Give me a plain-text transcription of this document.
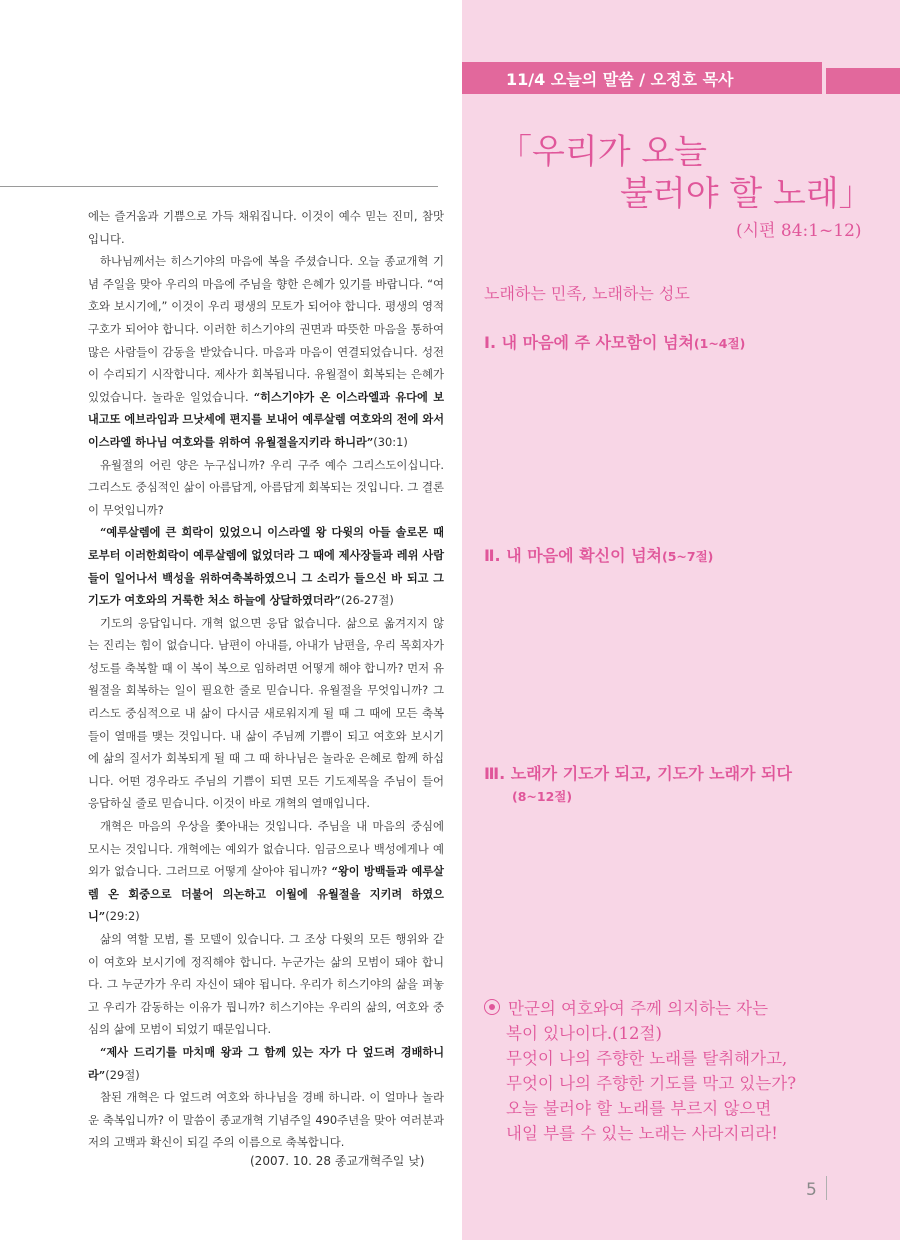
에는 즐거움과 기쁨으로 가득 채워집니다. 이것이 예수 믿는 진미, 참맛입니다.

하나님께서는 히스기야의 마음에 복을 주셨습니다. 오늘 종교개혁 기념 주일을 맞아 우리의 마음에 주님을 향한 은혜가 있기를 바랍니다. “여호와 보시기에,” 이것이 우리 평생의 모토가 되어야 합니다. 평생의 영적 구호가 되어야 합니다. 이러한 히스기야의 권면과 따뜻한 마음을 통하여 많은 사람들이 감동을 받았습니다. 마음과 마음이 연결되었습니다. 성전이 수리되기 시작합니다. 제사가 회복됩니다. 유월절이 회복되는 은혜가 있었습니다. 놀라운 일었습니다. “히스기야가 온 이스라엘과 유다에 보내고또 에브라임과 므낫세에 편지를 보내어 예루살렘 여호와의 전에 와서 이스라엘 하나님 여호와를 위하여 유월절을지키라 하니라”(30:1)

유월절의 어린 양은 누구십니까? 우리 구주 예수 그리스도이십니다. 그리스도 중심적인 삶이 아름답게, 아름답게 회복되는 것입니다. 그 결론이 무엇입니까?

“예루살렘에 큰 희락이 있었으니 이스라엘 왕 다윗의 아들 솔로몬 때로부터 이러한희락이 예루살렘에 없었더라 그 때에 제사장들과 레위 사람들이 일어나서 백성을 위하여축복하였으니 그 소리가 들으신 바 되고 그 기도가 여호와의 거룩한 처소 하늘에 상달하였더라”(26-27절)

기도의 응답입니다. 개혁 없으면 응답 없습니다. 삶으로 옮겨지지 않는 진리는 힘이 없습니다. 남편이 아내를, 아내가 남편을, 우리 목회자가 성도를 축복할 때 이 복이 복으로 임하려면 어떻게 해야 합니까? 먼저 유월절을 회복하는 일이 필요한 줄로 믿습니다. 유월절을 무엇입니까? 그리스도 중심적으로 내 삶이 다시금 새로워지게 될 때 그 때에 모든 축복들이 열매를 맺는 것입니다. 내 삶이 주님께 기쁨이 되고 여호와 보시기에 삶의 질서가 회복되게 될 때 그 때 하나님은 놀라운 은혜로 함께 하십니다. 어떤 경우라도 주님의 기쁨이 되면 모든 기도제목을 주님이 들어 응답하실 줄로 믿습니다. 이것이 바로 개혁의 열매입니다.

개혁은 마음의 우상을 쫓아내는 것입니다. 주님을 내 마음의 중심에 모시는 것입니다. 개혁에는 예외가 없습니다. 임금으로나 백성에게나 예외가 없습니다. 그러므로 어떻게 살아야 됩니까? “왕이 방백들과 예루살렘 온 회중으로 더불어 의논하고 이월에 유월절을 지키려 하였으니”(29:2)

삶의 역할 모범, 롤 모델이 있습니다. 그 조상 다윗의 모든 행위와 같이 여호와 보시기에 정직해야 합니다. 누군가는 삶의 모범이 돼야 합니다. 그 누군가가 우리 자신이 돼야 됩니다. 우리가 히스기야의 삶을 펴놓고 우리가 감동하는 이유가 뭡니까? 히스기야는 우리의 삶의, 여호와 중심의 삶에 모범이 되었기 때문입니다.

“제사 드리기를 마치매 왕과 그 함께 있는 자가 다 엎드려 경배하니라”(29절)

참된 개혁은 다 엎드려 여호와 하나님을 경배 하니라. 이 얼마나 놀라운 축복입니까? 이 말씀이 종교개혁 기념주일 490주년을 맞아 여러분과 저의 고백과 확신이 되길 주의 이름으로 축복합니다.

(2007. 10. 28 종교개혁주일 낮)
11/4 오늘의 말씀 / 오정호 목사
「우리가 오늘
불러야 할 노래」
(시편 84:1~12)
노래하는 민족, 노래하는 성도
Ⅰ. 내 마음에 주 사모함이 넘쳐(1~4절)
Ⅱ. 내 마음에 확신이 넘쳐(5~7절)
Ⅲ. 노래가 기도가 되고, 기도가 노래가 되다
(8~12절)
만군의 여호와여 주께 의지하는 자는
복이 있나이다.(12절)
무엇이 나의 주향한 노래를 탈취해가고,
무엇이 나의 주향한 기도를 막고 있는가?
오늘 불러야 할 노래를 부르지 않으면
내일 부를 수 있는 노래는 사라지리라!
5
